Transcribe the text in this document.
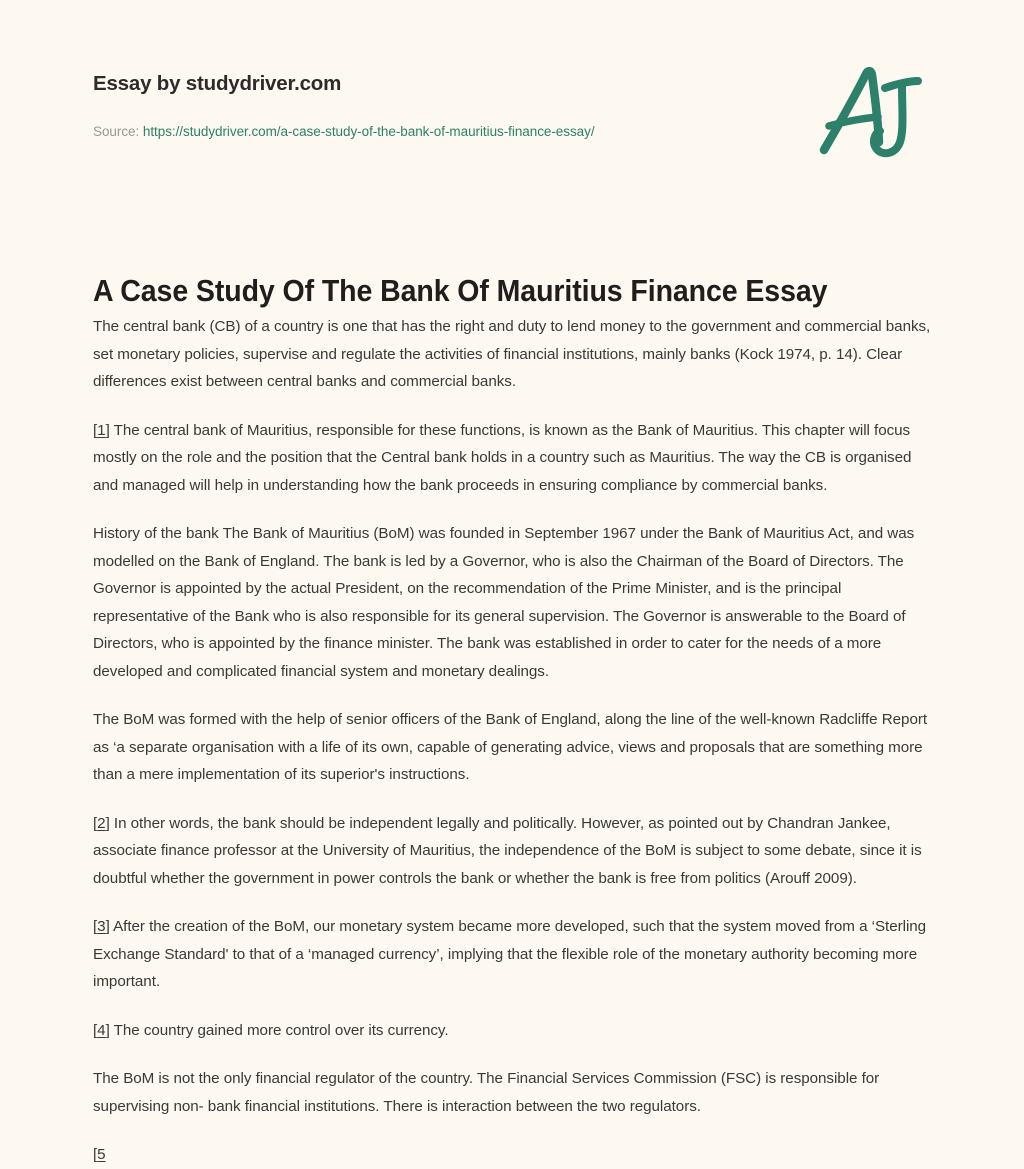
Essay by studydriver.com
Source: https://studydriver.com/a-case-study-of-the-bank-of-mauritius-finance-essay/
A Case Study Of The Bank Of Mauritius Finance Essay

The central bank (CB) of a country is one that has the right and duty to lend money to the government and commercial banks, set monetary policies, supervise and regulate the activities of financial institutions, mainly banks (Kock 1974, p. 14). Clear differences exist between central banks and commercial banks.

[1] The central bank of Mauritius, responsible for these functions, is known as the Bank of Mauritius. This chapter will focus mostly on the role and the position that the Central bank holds in a country such as Mauritius. The way the CB is organised and managed will help in understanding how the bank proceeds in ensuring compliance by commercial banks.

History of the bank The Bank of Mauritius (BoM) was founded in September 1967 under the Bank of Mauritius Act, and was modelled on the Bank of England. The bank is led by a Governor, who is also the Chairman of the Board of Directors. The Governor is appointed by the actual President, on the recommendation of the Prime Minister, and is the principal representative of the Bank who is also responsible for its general supervision. The Governor is answerable to the Board of Directors, who is appointed by the finance minister. The bank was established in order to cater for the needs of a more developed and complicated financial system and monetary dealings.

The BoM was formed with the help of senior officers of the Bank of England, along the line of the well-known Radcliffe Report as ‘a separate organisation with a life of its own, capable of generating advice, views and proposals that are something more than a mere implementation of its superior's instructions.

[2] In other words, the bank should be independent legally and politically. However, as pointed out by Chandran Jankee, associate finance professor at the University of Mauritius, the independence of the BoM is subject to some debate, since it is doubtful whether the government in power controls the bank or whether the bank is free from politics (Arouff 2009).

[3] After the creation of the BoM, our monetary system became more developed, such that the system moved from a ‘Sterling Exchange Standard' to that of a ‘managed currency’, implying that the flexible role of the monetary authority becoming more important.

[4] The country gained more control over its currency.

The BoM is not the only financial regulator of the country. The Financial Services Commission (FSC) is responsible for supervising non- bank financial institutions. There is interaction between the two regulators.

[5
